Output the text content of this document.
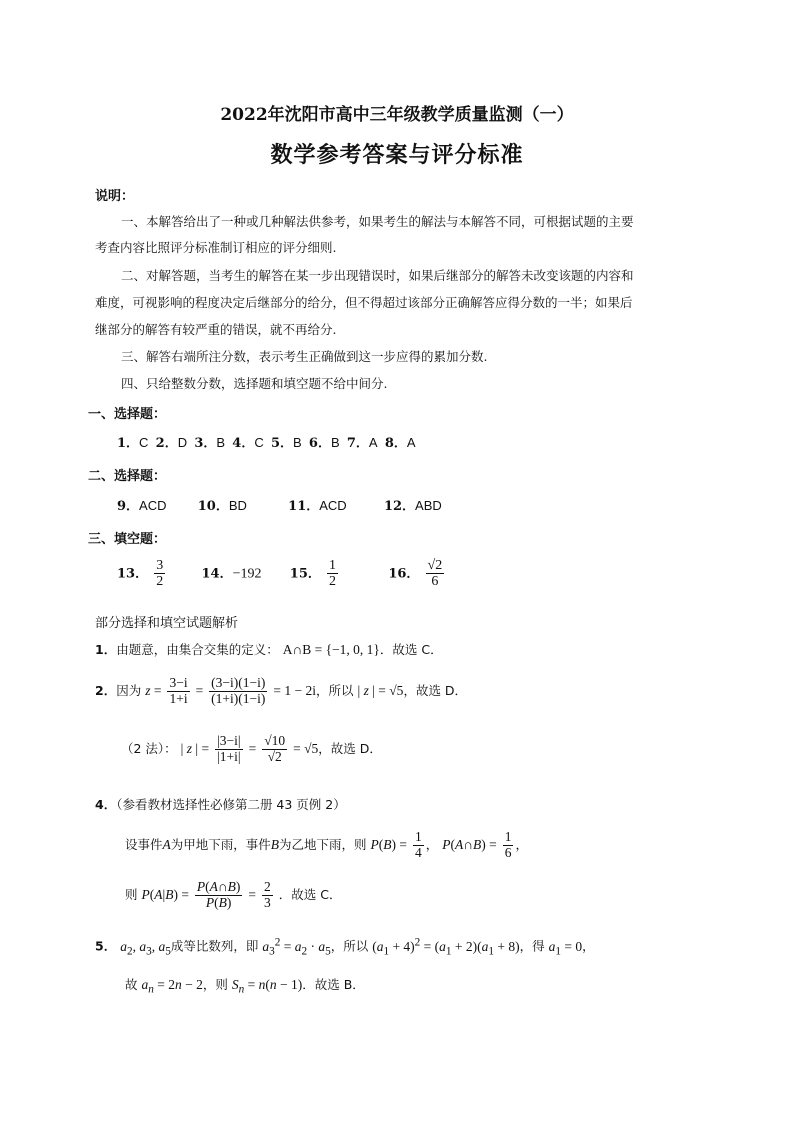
2022年沈阳市高中三年级教学质量监测（一）
数学参考答案与评分标准
说明：
一、本解答给出了一种或几种解法供参考，如果考生的解法与本解答不同，可根据试题的主要
考查内容比照评分标准制订相应的评分细则.
二、对解答题，当考生的解答在某一步出现错误时，如果后继部分的解答未改变该题的内容和
难度，可视影响的程度决定后继部分的给分，但不得超过该部分正确解答应得分数的一半；如果后
继部分的解答有较严重的错误，就不再给分.
三、解答右端所注分数，表示考生正确做到这一步应得的累加分数.
四、只给整数分数，选择题和填空题不给中间分.
一、选择题：
1．C 2．D 3．B 4．C 5．B 6．B 7．A 8．A
二、选择题：
9．ACD 10．BD	11．ACD	12．ABD
三、填空题：
13． $\frac{3}{2}$	14．−192 15． $\frac{1}{2}$	16． $\frac{√2}{6}$
部分选择和填空试题解析
1．由题意，由集合交集的定义： A∩B = {−1, 0, 1}．故选 C．
2．因为 $z = \frac{3-i}{1+i} = \frac{(3-i)(1-i)}{(1+i)(1-i)} = 1 - 2i$，所以 | z | = √5，故选 D．
（2 法）： | z | = $\frac{|3-i|}{|1+i|} = \frac{√10}{√2} = √5$，故选 D．
4．（参看教材选择性必修第二册 43 页例 2）
设事件A为甲地下雨，事件B为乙地下雨，则 $P(B) = \frac{1}{4}$ ， P(A∩B) = $\frac{1}{6}$ ，
则 $P(A|B) = \frac{P(A\cap B)}{P(B)} = \frac{2}{3}$ ．故选 C．
5． $a_2$, $a_3$, $a_5$成等比数列，即 $a_3^2 = a_2 \cdot a_5$，所以 $(a_1 + 4)^2 = (a_1 + 2)(a_1 + 8)$，得 $a_1 = 0$，
故 $a_n = 2n - 2$，则 $S_n = n(n - 1)$．故选 B．
